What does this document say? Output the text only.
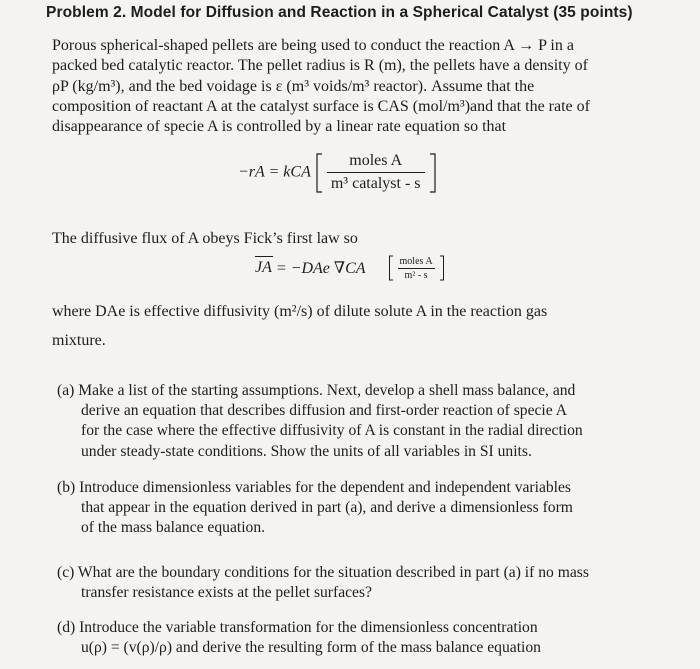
Problem 2. Model for Diffusion and Reaction in a Spherical Catalyst (35 points)
Porous spherical-shaped pellets are being used to conduct the reaction A → P in a
packed bed catalytic reactor. The pellet radius is R (m), the pellets have a density of
ρP (kg/m³), and the bed voidage is ε (m³ voids/m³ reactor). Assume that the
composition of reactant A at the catalyst surface is CAS (mol/m³)and that the rate of
disappearance of specie A is controlled by a linear rate equation so that
−rA = kCA $\frac{\text{moles A}}{\text{m³ catalyst - s}}$

The diffusive flux of A obeys Fick’s first law so
JA = −DAe ∇CA	$\frac{\text{moles A}}{\text{m² - s}}$

where DAe is effective diffusivity (m²/s) of dilute solute A in the reaction gas
mixture.
(a) Make a list of the starting assumptions. Next, develop a shell mass balance, and
derive an equation that describes diffusion and first-order reaction of specie A
for the case where the effective diffusivity of A is constant in the radial direction
under steady-state conditions. Show the units of all variables in SI units.
(b) Introduce dimensionless variables for the dependent and independent variables
that appear in the equation derived in part (a), and derive a dimensionless form
of the mass balance equation.
(c) What are the boundary conditions for the situation described in part (a) if no mass
transfer resistance exists at the pellet surfaces?
(d) Introduce the variable transformation for the dimensionless concentration
u(ρ) = (v(ρ)/ρ) and derive the resulting form of the mass balance equation
